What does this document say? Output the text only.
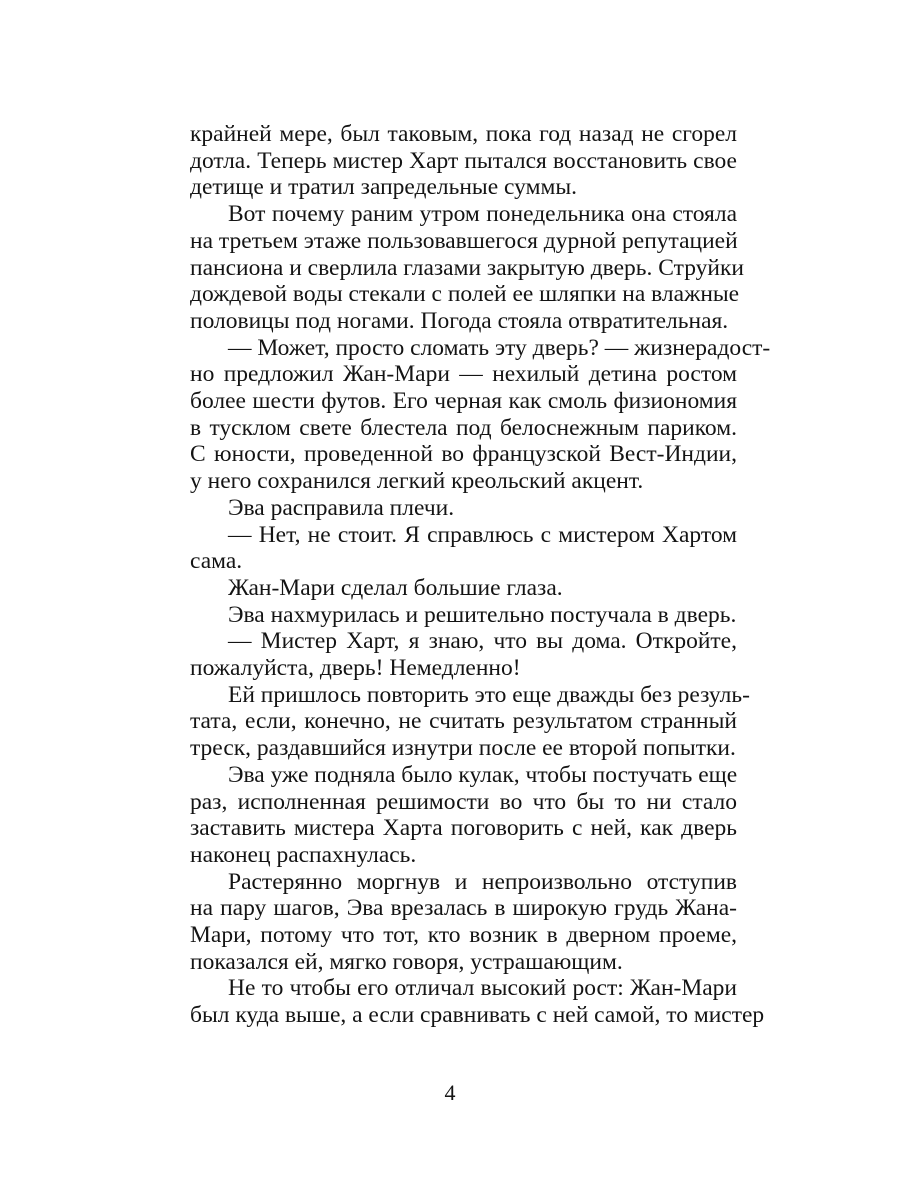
крайней мере, был таковым, пока год назад не сгорел
дотла. Теперь мистер Харт пытался восстановить свое
детище и тратил запредельные суммы.
Вот почему раним утром понедельника она стояла
на третьем этаже пользовавшегося дурной репутацией
пансиона и сверлила глазами закрытую дверь. Струйки
дождевой воды стекали с полей ее шляпки на влажные
половицы под ногами. Погода стояла отвратительная.
— Может, просто сломать эту дверь? — жизнерадост-
но предложил Жан-Мари — нехилый детина ростом
более шести футов. Его черная как смоль физиономия
в тусклом свете блестела под белоснежным париком.
С юности, проведенной во французской Вест-Индии,
у него сохранился легкий креольский акцент.
Эва расправила плечи.
— Нет, не стоит. Я справлюсь с мистером Хартом
сама.
Жан-Мари сделал большие глаза.
Эва нахмурилась и решительно постучала в дверь.
— Мистер Харт, я знаю, что вы дома. Откройте,
пожалуйста, дверь! Немедленно!
Ей пришлось повторить это еще дважды без резуль-
тата, если, конечно, не считать результатом странный
треск, раздавшийся изнутри после ее второй попытки.
Эва уже подняла было кулак, чтобы постучать еще
раз, исполненная решимости во что бы то ни стало
заставить мистера Харта поговорить с ней, как дверь
наконец распахнулась.
Растерянно моргнув и непроизвольно отступив
на пару шагов, Эва врезалась в широкую грудь Жана-
Мари, потому что тот, кто возник в дверном проеме,
показался ей, мягко говоря, устрашающим.
Не то чтобы его отличал высокий рост: Жан-Мари
был куда выше, а если сравнивать с ней самой, то мистер
4
